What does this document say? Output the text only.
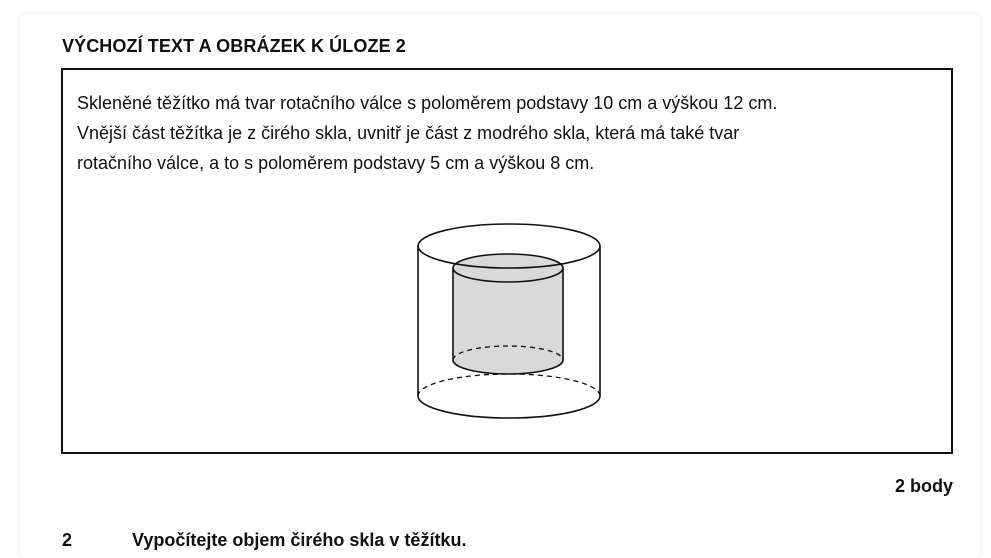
VÝCHOZÍ TEXT A OBRÁZEK K ÚLOZE 2

Skleněné těžítko má tvar rotačního válce s poloměrem podstavy 10 cm a výškou 12 cm.
Vnější část těžítka je z čirého skla, uvnitř je část z modrého skla, která má také tvar
rotačního válce, a to s poloměrem podstavy 5 cm a výškou 8 cm.

2 body
2	Vypočítejte objem čirého skla v těžítku.
